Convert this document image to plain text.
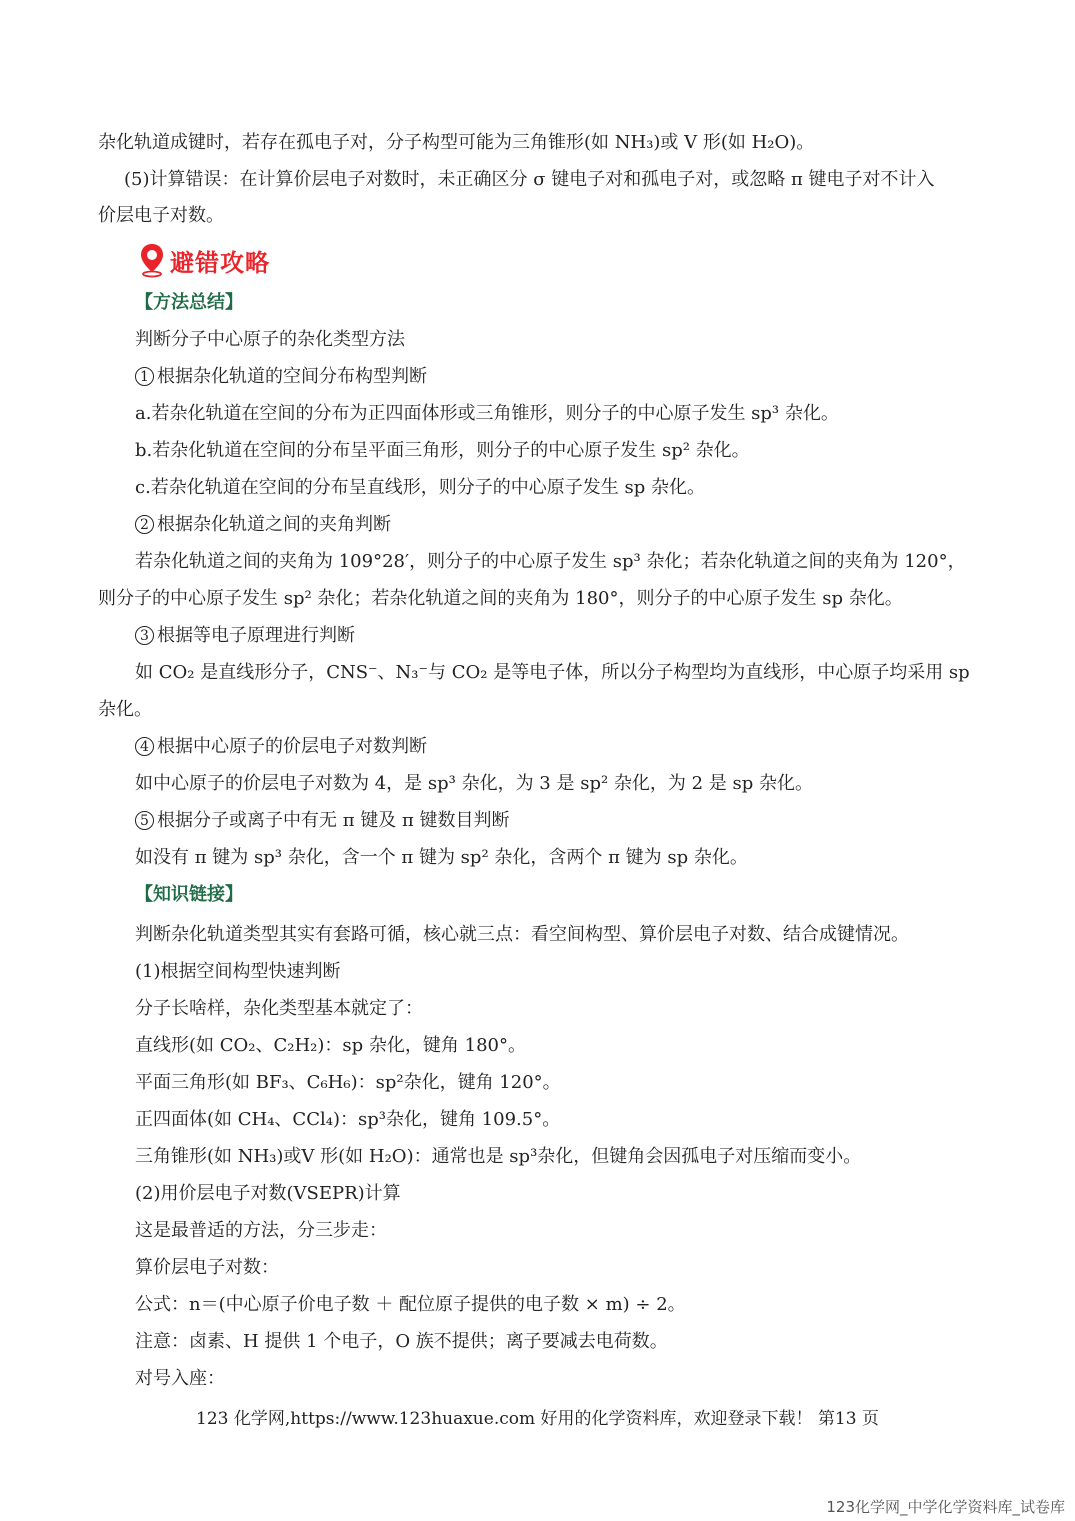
杂化轨道成键时，若存在孤电子对，分子构型可能为三角锥形(如 NH₃)或 V 形(如 H₂O)。
(5)计算错误：在计算价层电子对数时，未正确区分 σ 键电子对和孤电子对，或忽略 π 键电子对不计入
价层电子对数。
避错攻略
【方法总结】
判断分子中心原子的杂化类型方法
1 根据杂化轨道的空间分布构型判断
a.若杂化轨道在空间的分布为正四面体形或三角锥形，则分子的中心原子发生 sp³ 杂化。
b.若杂化轨道在空间的分布呈平面三角形，则分子的中心原子发生 sp² 杂化。
c.若杂化轨道在空间的分布呈直线形，则分子的中心原子发生 sp 杂化。
2 根据杂化轨道之间的夹角判断
若杂化轨道之间的夹角为 109°28′，则分子的中心原子发生 sp³ 杂化；若杂化轨道之间的夹角为 120°，
则分子的中心原子发生 sp² 杂化；若杂化轨道之间的夹角为 180°，则分子的中心原子发生 sp 杂化。
3 根据等电子原理进行判断
如 CO₂ 是直线形分子，CNS⁻、N₃⁻与 CO₂ 是等电子体，所以分子构型均为直线形，中心原子均采用 sp
杂化。
4 根据中心原子的价层电子对数判断
如中心原子的价层电子对数为 4，是 sp³ 杂化，为 3 是 sp² 杂化，为 2 是 sp 杂化。
5 根据分子或离子中有无 π 键及 π 键数目判断
如没有 π 键为 sp³ 杂化，含一个 π 键为 sp² 杂化，含两个 π 键为 sp 杂化。
【知识链接】
判断杂化轨道类型其实有套路可循，核心就三点：看空间构型、算价层电子对数、结合成键情况。
(1)根据空间构型快速判断
分子长啥样，杂化类型基本就定了：
直线形(如 CO₂、C₂H₂)：sp 杂化，键角 180°。
平面三角形(如 BF₃、C₆H₆)：sp²杂化，键角 120°。
正四面体(如 CH₄、CCl₄)：sp³杂化，键角 109.5°。
三角锥形(如 NH₃)或V 形(如 H₂O)：通常也是 sp³杂化，但键角会因孤电子对压缩而变小。
(2)用价层电子对数(VSEPR)计算
这是最普适的方法，分三步走：
算价层电子对数：
公式：n＝(中心原子价电子数 ＋ 配位原子提供的电子数 × m) ÷ 2。
注意：卤素、H 提供 1 个电子，O 族不提供；离子要减去电荷数。
对号入座：
123 化学网,https://www.123huaxue.com 好用的化学资料库，欢迎登录下载！ 第13 页
123化学网_中学化学资料库_试卷库
